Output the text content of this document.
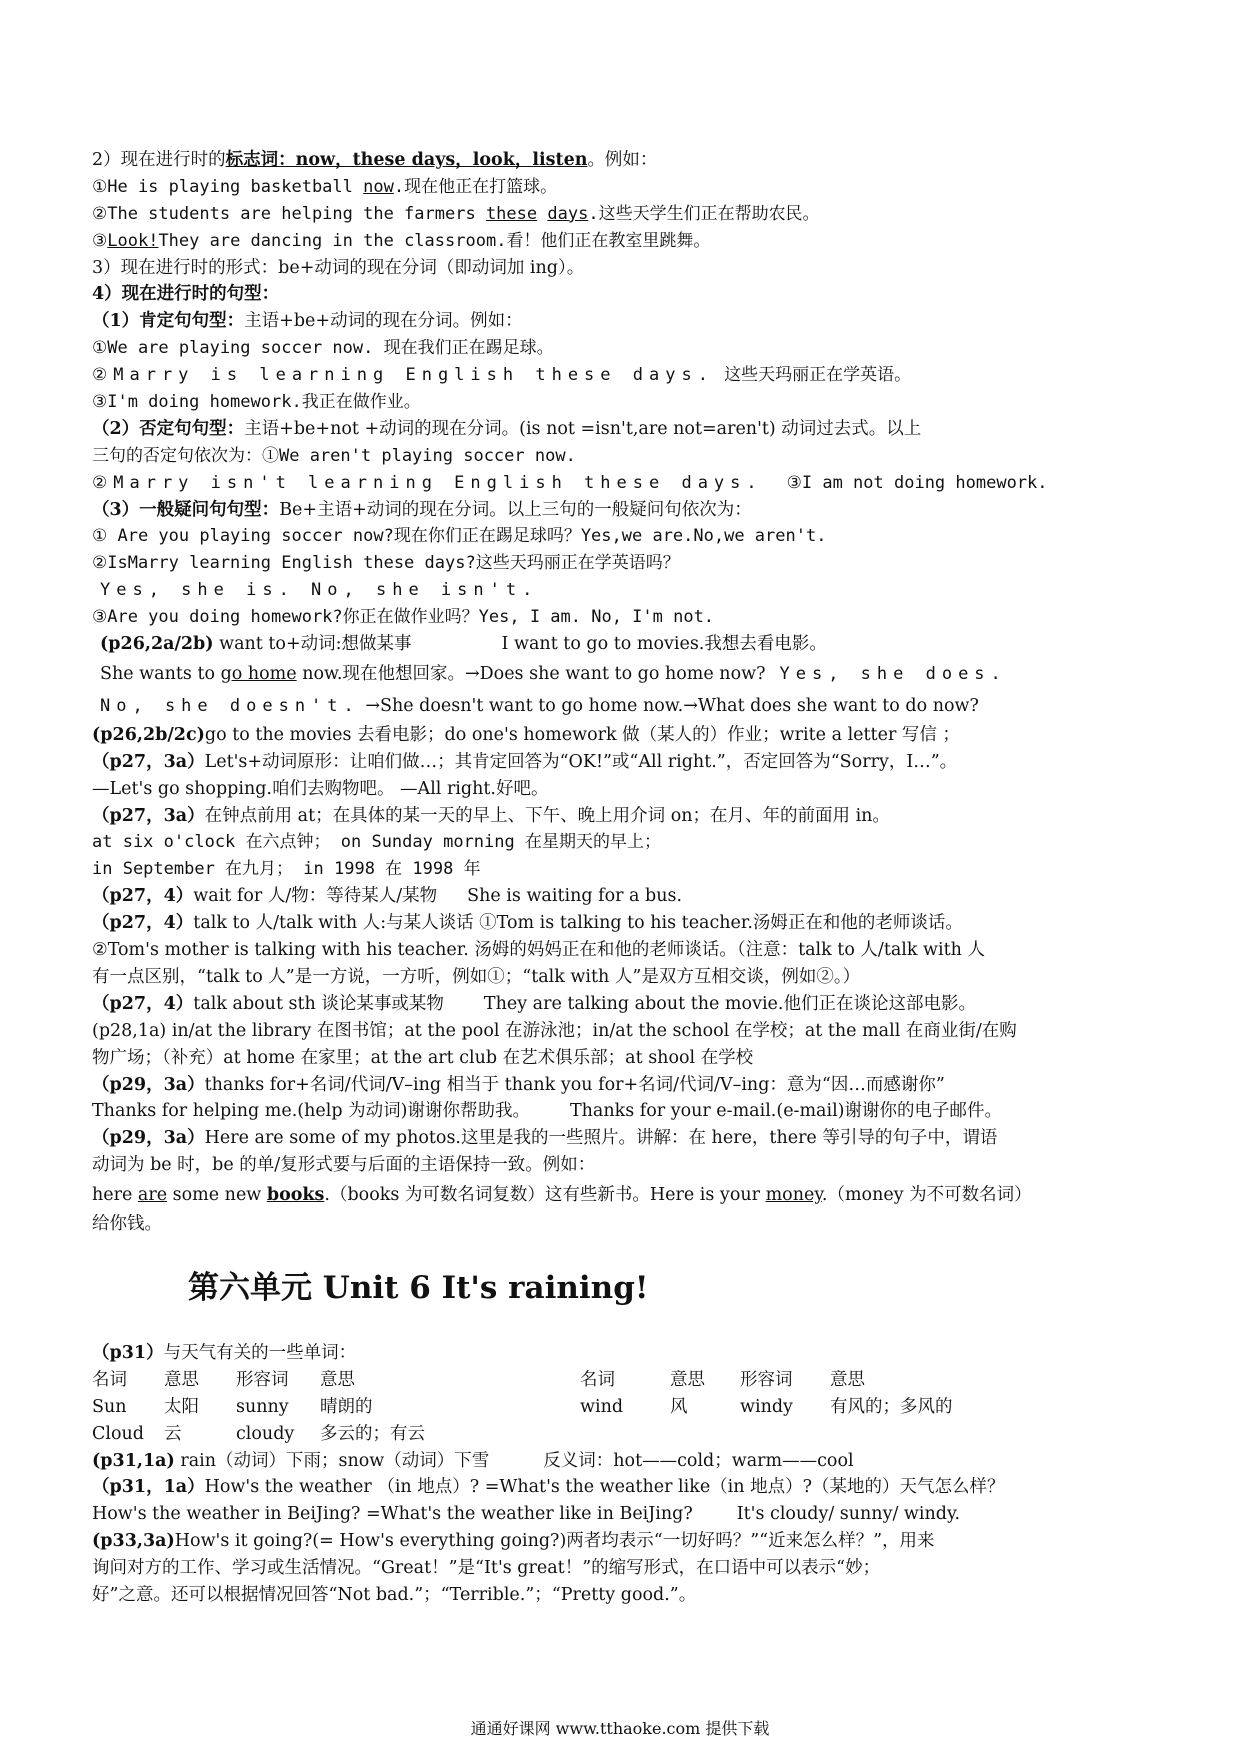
2）现在进行时的标志词：now，these days，look，listen。例如：
①He is playing basketball now.现在他正在打篮球。
②The students are helping the farmers these days.这些天学生们正在帮助农民。
③Look!They are dancing in the classroom.看！他们正在教室里跳舞。
3）现在进行时的形式：be+动词的现在分词（即动词加 ing）。
4）现在进行时的句型：
（1）肯定句句型：主语+be+动词的现在分词。例如：
①We are playing soccer now. 现在我们正在踢足球。
②Marry is learning English these days. 这些天玛丽正在学英语。
③I'm doing homework.我正在做作业。
（2）否定句句型：主语+be+not +动词的现在分词。(is not =isn't,are not=aren't) 动词过去式。以上
三句的否定句依次为：①We aren't playing soccer now.
②Marry isn't learning English these days. ③I am not doing homework.
（3）一般疑问句句型：Be+主语+动词的现在分词。以上三句的一般疑问句依次为：
① Are you playing soccer now?现在你们正在踢足球吗？Yes,we are.No,we aren't.
②IsMarry learning English these days?这些天玛丽正在学英语吗？
Yes, she is. No, she isn't.
③Are you doing homework?你正在做作业吗？Yes, I am. No, I'm not.
(p26,2a/2b) want to+动词:想做某事	I want to go to movies.我想去看电影。
She wants to go home now.现在他想回家。→Does she want to go home now? Yes, she does.
No, she doesn't. →She doesn't want to go home now.→What does she want to do now?
(p26,2b/2c)go to the movies 去看电影；do one's homework 做（某人的）作业；write a letter 写信 ；
（p27，3a）Let's+动词原形：让咱们做…；其肯定回答为“OK!”或“All right.”，否定回答为“Sorry，I…”。
—Let's go shopping.咱们去购物吧。 —All right.好吧。
（p27，3a）在钟点前用 at；在具体的某一天的早上、下午、晚上用介词 on；在月、年的前面用 in。
at six o'clock 在六点钟； on Sunday morning 在星期天的早上；
in September 在九月； in 1998 在 1998 年
（p27，4）wait for 人/物：等待某人/某物 She is waiting for a bus.
（p27，4）talk to 人/talk with 人:与某人谈话 ①Tom is talking to his teacher.汤姆正在和他的老师谈话。
②Tom's mother is talking with his teacher. 汤姆的妈妈正在和他的老师谈话。（注意：talk to 人/talk with 人
有一点区别，“talk to 人”是一方说，一方听，例如①；“talk with 人”是双方互相交谈，例如②。）
（p27，4）talk about sth 谈论某事或某物 They are talking about the movie.他们正在谈论这部电影。
(p28,1a) in/at the library 在图书馆；at the pool 在游泳池；in/at the school 在学校；at the mall 在商业街/在购
物广场；（补充）at home 在家里；at the art club 在艺术俱乐部；at shool 在学校
（p29，3a）thanks for+名词/代词/V–ing 相当于 thank you for+名词/代词/V–ing：意为“因…而感谢你”
Thanks for helping me.(help 为动词)谢谢你帮助我。 Thanks for your e-mail.(e-mail)谢谢你的电子邮件。
（p29，3a）Here are some of my photos.这里是我的一些照片。讲解：在 here，there 等引导的句子中，谓语
动词为 be 时，be 的单/复形式要与后面的主语保持一致。例如：
here are some new books.（books 为可数名词复数）这有些新书。Here is your money.（money 为不可数名词）
给你钱。
第六单元 Unit 6 It's raining!
（p31）与天气有关的一些单词：
名词 意思 形容词 意思	名词	意思 形容词 意思
Sun 太阳 sunny 晴朗的	wind	风	windy 有风的；多风的
Cloud 云	cloudy 多云的；有云
(p31,1a) rain（动词）下雨；snow（动词）下雪	反义词：hot——cold；warm——cool
（p31，1a）How's the weather （in 地点）? =What's the weather like（in 地点）?（某地的）天气怎么样？
How's the weather in BeiJing? =What's the weather like in BeiJing?	It's cloudy/ sunny/ windy.
(p33,3a)How's it going?(= How's everything going?)两者均表示“一切好吗？”“近来怎么样？”，用来
询问对方的工作、学习或生活情况。“Great！”是“It's great！”的缩写形式，在口语中可以表示“妙；
好”之意。还可以根据情况回答“Not bad.”；“Terrible.”；“Pretty good.”。
通通好课网 www.tthaoke.com 提供下载
